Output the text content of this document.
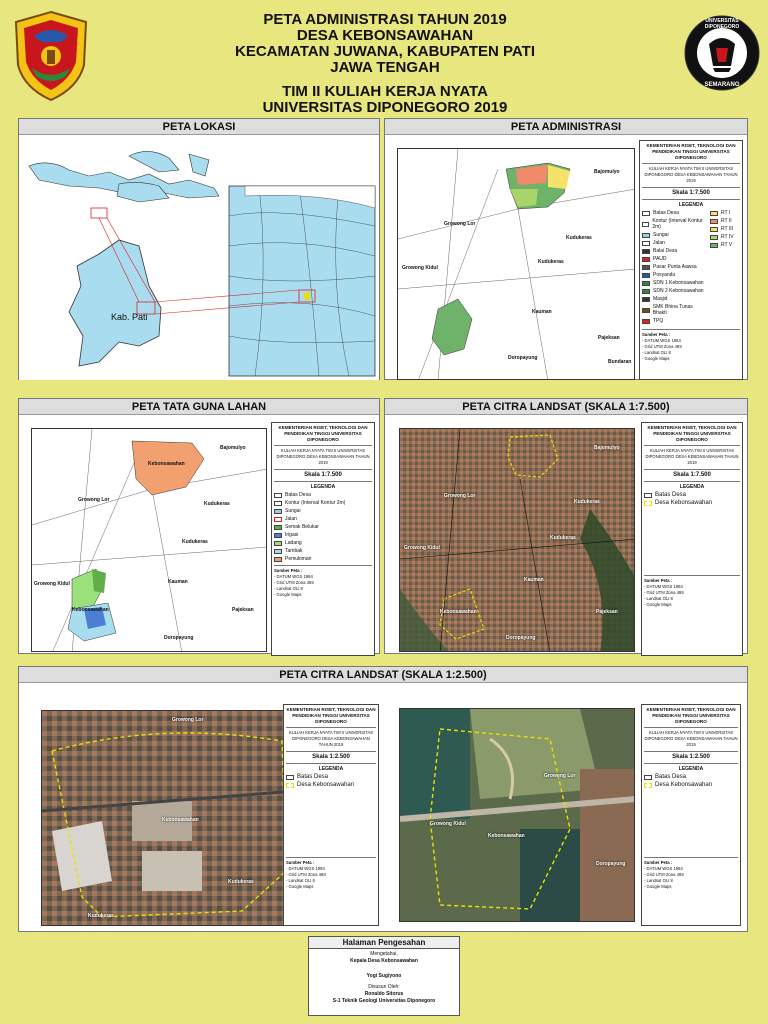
UNIVERSITAS DIPONEGORO
SEMARANG
PETA ADMINISTRASI TAHUN 2019
DESA KEBONSAWAHAN
KECAMATAN JUWANA, KABUPATEN PATI
JAWA TENGAH
TIM II KULIAH KERJA NYATA
UNIVERSITAS DIPONEGORO 2019
PETA LOKASI
Kab. Pati
PETA ADMINISTRASI
Bajomulyo
Growong Lor
Kudukeras
Growong Kidul
Kudukeras
Kauman
Pajeksan
Doropayung
Bundaran
KEMENTERIAN RISET, TEKNOLOGI DAN PENDIDIKAN TINGGI UNIVERSITAS DIPONEGORO
KULIAH KERJA NYATA TIM II UNIVERSITAS DIPONEGORO DESA KEBONSAWAHAN TAHUN 2019
Skala 1:7.500
LEGENDA
Batas Desa
Kontur (Interval Kontur 2m)
Sungai
Jalan
Balai Desa
PAUD
Pasar Punta Aawsa
Posyandu
SDN 1 Kebonsawahan
SDN 2 Kebonsawahan
Masjid
SMK Bhina Tunas Bhakti
TPQ
RT I
RT II
RT III
RT IV
RT V
Sumber Peta :
- DATUM WGS 1984
- Grid UTM Zona 49S
- Landsat OLI 8
- Google Maps
PETA TATA GUNA LAHAN
Kebonsawahan
Bajomulyo
Growong Lor
Kudukeras
Kudukeras
Growong Kidul	Kauman
Kebonsawahan	Pajeksan
Doropayung
KEMENTERIAN RISET, TEKNOLOGI DAN PENDIDIKAN TINGGI UNIVERSITAS DIPONEGORO
KULIAH KERJA NYATA TIM II UNIVERSITAS DIPONEGORO DESA KEBONSAWAHAN TAHUN 2019
Skala 1:7.500
LEGENDA
Batas Desa
Kontur (Interval Kontur 2m)
Sungai
Jalan
Semak Belukar
Irigasi
Ladang
Tambak
Pemukiman
Sumber Peta :
- DATUM WGS 1984
- Grid UTM Zona 49S
- Landsat OLI 8
- Google Maps
PETA CITRA LANDSAT (SKALA 1:7.500)
Bajomulyo
Growong Lor
Kudukeras
Growong Kidul
Kudukeras
Kauman
Kebonsawahan	Pajeksan
Doropayung
KEMENTERIAN RISET, TEKNOLOGI DAN PENDIDIKAN TINGGI UNIVERSITAS DIPONEGORO
KULIAH KERJA NYATA TIM II UNIVERSITAS DIPONEGORO DESA KEBONSAWAHAN TAHUN 2019
Skala 1:7.500
LEGENDA
Batas Desa
Desa Kebonsawahan
Sumber Peta :
- DATUM WGS 1984
- Grid UTM Zona 49S
- Landsat OLI 8
- Google Maps
PETA CITRA LANDSAT (SKALA 1:2.500)
Growong Lor
Kebonsawahan
Kudukeras
Kudukeras
KEMENTERIAN RISET, TEKNOLOGI DAN PENDIDIKAN TINGGI UNIVERSITAS DIPONEGORO
KULIAH KERJA NYATA TIM II UNIVERSITAS DIPONEGORO DESA KEBONSAWAHAN TAHUN 2019
Skala 1:2.500
LEGENDA
Batas Desa
Desa Kebonsawahan
Sumber Peta :
- DATUM WGS 1984
- Grid UTM Zona 49S
- Landsat OLI 8
- Google Maps
Growong Lor
Growong Kidul
Kebonsawahan
Doropayung
KEMENTERIAN RISET, TEKNOLOGI DAN PENDIDIKAN TINGGI UNIVERSITAS DIPONEGORO
KULIAH KERJA NYATA TIM II UNIVERSITAS DIPONEGORO DESA KEBONSAWAHAN TAHUN 2019
Skala 1:2.500
LEGENDA
Batas Desa
Desa Kebonsawahan
Sumber Peta :
- DATUM WGS 1984
- Grid UTM Zona 49S
- Landsat OLI 8
- Google Maps
Halaman Pengesahan
Mengetahui,
Kepala Desa Kebonsawahan
Yogi Sugiyono
Disusun Oleh:
Ronaldo Sitorus
S-1 Teknik Geologi Universitas Diponegoro
